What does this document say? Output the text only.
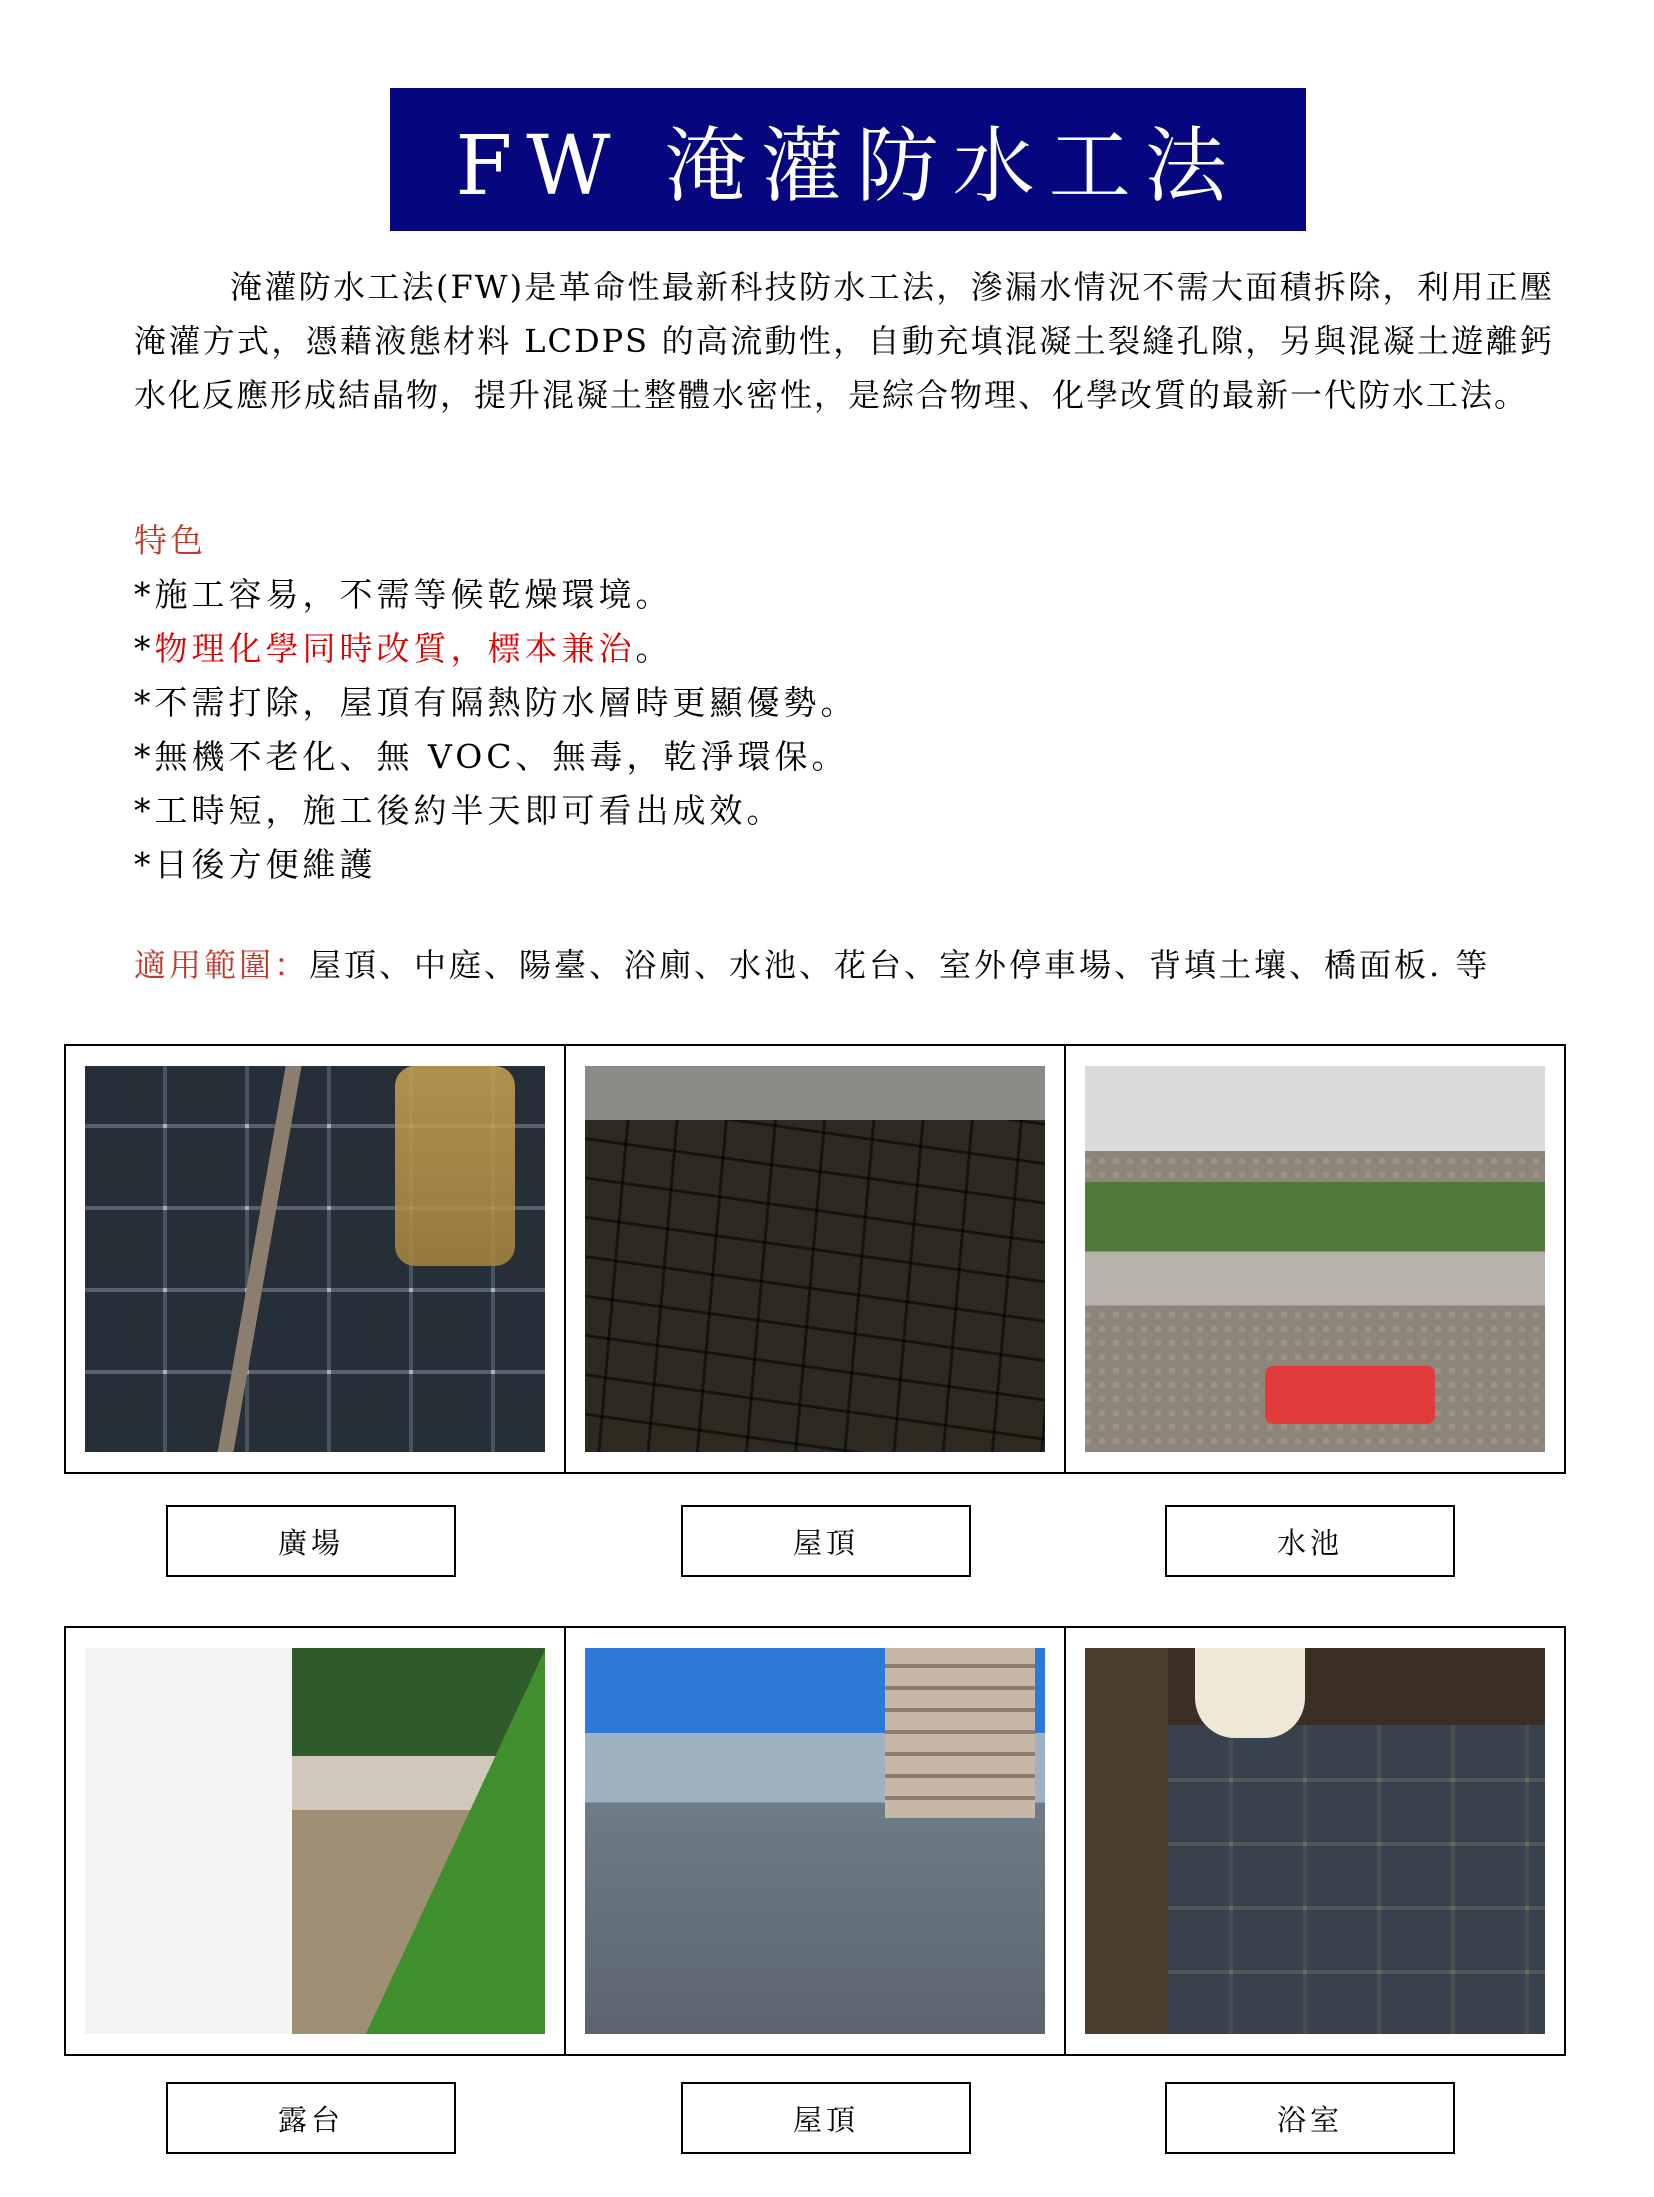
FW 淹灌防水工法

淹灌防水工法(FW)是革命性最新科技防水工法，滲漏水情況不需大面積拆除，利用正壓淹灌方式，憑藉液態材料 LCDPS 的高流動性，自動充填混凝土裂縫孔隙，另與混凝土遊離鈣水化反應形成結晶物，提升混凝土整體水密性，是綜合物理、化學改質的最新一代防水工法。

特色

*施工容易，不需等候乾燥環境。
*物理化學同時改質，標本兼治。
*不需打除，屋頂有隔熱防水層時更顯優勢。
*無機不老化、無 VOC、無毒，乾淨環保。
*工時短，施工後約半天即可看出成效。
*日後方便維護

適用範圍：屋頂、中庭、陽臺、浴廁、水池、花台、室外停車場、背填土壤、橋面板. 等

廣場	屋頂	水池
露台	屋頂	浴室
